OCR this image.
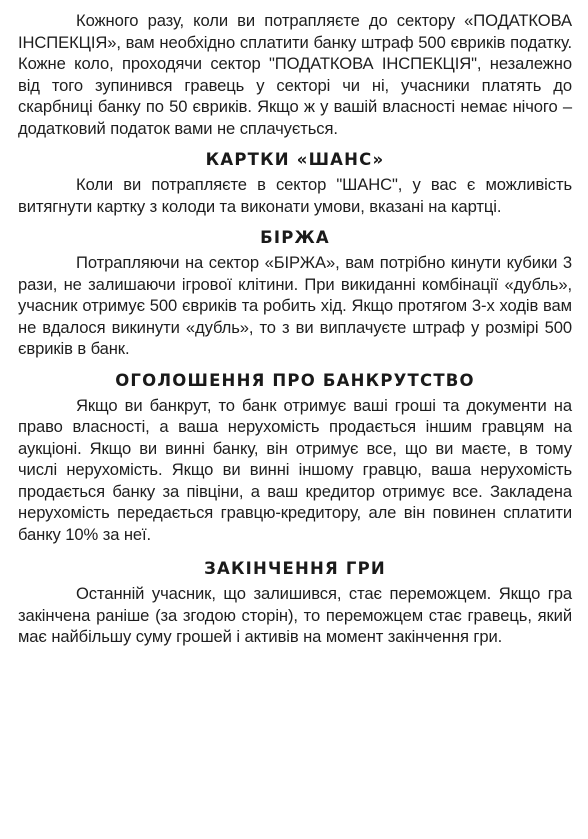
Кожного разу, коли ви потрапляєте до сектору «ПОДАТКОВА ІНСПЕКЦІЯ», вам необхідно сплатити банку штраф 500 євриків податку. Кожне коло, проходячи сектор "ПОДАТКОВА ІНСПЕКЦІЯ", незалежно від того зупинився гравець у секторі чи ні, учасники платять до скарбниці банку по 50 євриків. Якщо ж у вашій власності немає нічого – додатковий податок вами не сплачується.

КАРТКИ «ШАНС»

Коли ви потрапляєте в сектор "ШАНС", у вас є можливість витягнути картку з колоди та виконати умови, вказані на картці.

БІРЖА

Потрапляючи на сектор «БІРЖА», вам потрібно кинути кубики 3 рази, не залишаючи ігрової клітини. При викиданні комбінації «дубль», учасник отримує 500 євриків та робить хід. Якщо протягом 3-х ходів вам не вдалося викинути «дубль», то з ви виплачуєте штраф у розмірі 500 євриків в банк.

ОГОЛОШЕННЯ ПРО БАНКРУТСТВО

Якщо ви банкрут, то банк отримує ваші гроші та документи на право власності, а ваша нерухомість продається іншим гравцям на аукціоні. Якщо ви винні банку, він отримує все, що ви маєте, в тому числі нерухомість. Якщо ви винні іншому гравцю, ваша нерухомість продається банку за півціни, а ваш кредитор отримує все. Закладена нерухомість передається гравцю-кредитору, але він повинен сплатити банку 10% за неї.

ЗАКІНЧЕННЯ ГРИ

Останній учасник, що залишився, стає переможцем. Якщо гра закінчена раніше (за згодою сторін), то переможцем стає гравець, який має найбільшу суму грошей і активів на момент закінчення гри.
